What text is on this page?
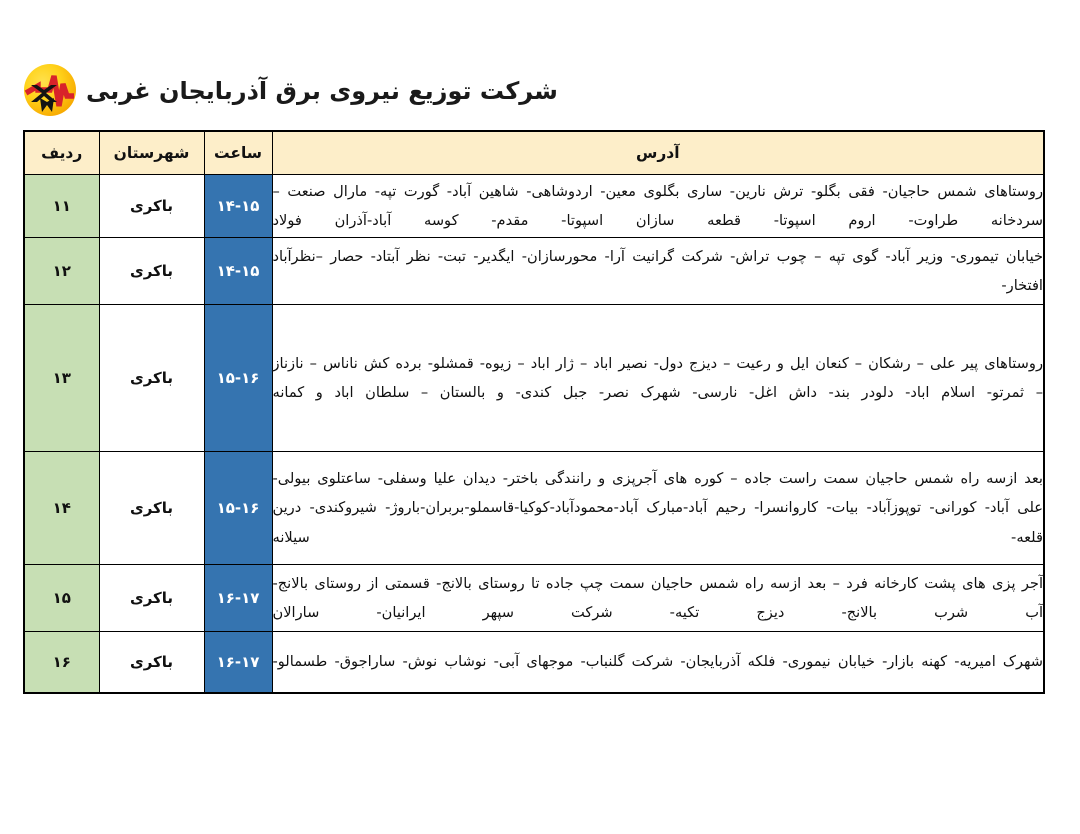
شرکت توزیع نیروی برق آذربایجان غربی
آدرس	ساعت	شهرستان	ردیف
روستاهای شمس حاجیان- فقی بگلو- ترش نارین- ساری بگلوی معین- اردوشاهی- شاهین آباد- گورت تپه- مارال صنعت – سردخانه طراوت- اروم اسپوتا- قطعه سازان اسپوتا- مقدم- کوسه آباد-آذران فولاد	۱۴-۱۵	باکری	۱۱
خیابان تیموری- وزیر آباد- گوی تپه – چوب تراش- شرکت گرانیت آرا- محورسازان- ایگدیر- تبت- نظر آبتاد- حصار –نظرآباد افتخار-	۱۴-۱۵	باکری	۱۲
روستاهای پیر علی – رشکان – کنعان ایل و رعیت – دیزج دول- نصیر اباد – ژار اباد – زیوه- قمشلو- برده کش ناناس – نازناز – ثمرتو- اسلام اباد- دلودر بند- داش اغل- نارسی- شهرک نصر- جبل کندی- و بالستان – سلطان اباد و کمانه	۱۵-۱۶	باکری	۱۳
بعد ازسه راه شمس حاجیان سمت راست جاده – کوره های آجرپزی و رانندگی باختر- دیدان علیا وسفلی- ساعتلوی بیولی- علی آباد- کورانی- توپوزآباد- بیات- کاروانسرا- رحیم آباد-مبارک آباد-محمودآباد-کوکیا-قاسملو-بربران-باروژ- شیروکندی- درین قلعه- سیلانه	۱۵-۱۶	باکری	۱۴
آجر پزی های پشت کارخانه فرد – بعد ازسه راه شمس حاجیان سمت چپ جاده تا روستای بالانج- قسمتی از روستای بالانج- آب شرب بالانج- دیزج تکیه- شرکت سپهر ایرانیان- سارالان	۱۶-۱۷	باکری	۱۵
شهرک امیریه- کهنه بازار- خیابان نیموری- فلکه آذربایجان- شرکت گلنباب- موجهای آبی- نوشاب نوش- ساراجوق- طسمالو-	۱۶-۱۷	باکری	۱۶
